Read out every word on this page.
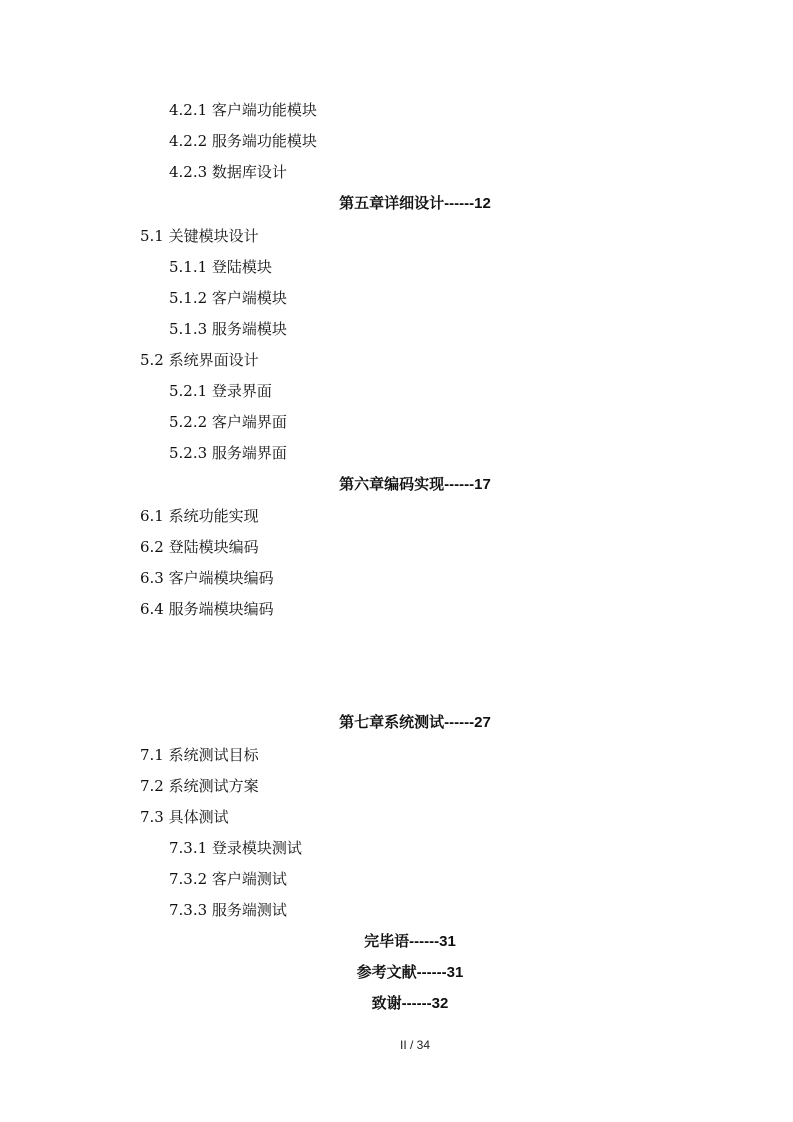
4.2.1 客户端功能模块
4.2.2 服务端功能模块
4.2.3 数据库设计
第五章详细设计------12
5.1 关键模块设计
5.1.1 登陆模块
5.1.2 客户端模块
5.1.3 服务端模块
5.2 系统界面设计
5.2.1 登录界面
5.2.2 客户端界面
5.2.3 服务端界面
第六章编码实现------17
6.1 系统功能实现
6.2 登陆模块编码
6.3 客户端模块编码
6.4 服务端模块编码
第七章系统测试------27
7.1 系统测试目标
7.2 系统测试方案
7.3 具体测试
7.3.1 登录模块测试
7.3.2 客户端测试
7.3.3 服务端测试
完毕语------31
参考文献------31
致谢------32
II / 34
